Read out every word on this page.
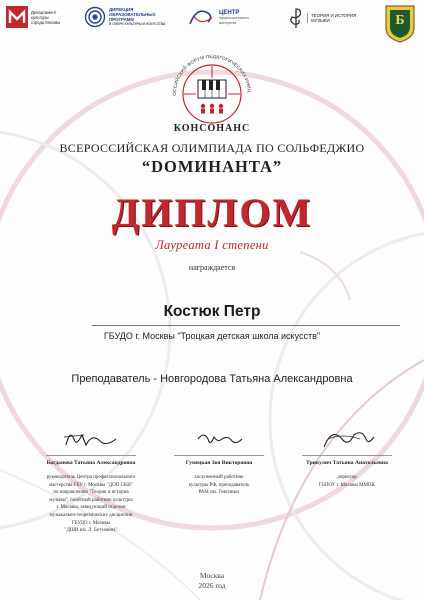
Департамент
культуры
города Москвы
ДИРЕКЦИЯ
ОБРАЗОВАТЕЛЬНЫХ
ПРОГРАММ
В СФЕРЕ КУЛЬТУРЫ И ИСКУССТВА
ЦЕНТР
профессионального
мастерства
ТЕОРИЯ И ИСТОРИЯ
МУЗЫКИ	Б
ОССИЙСКИЙ ФОРУМ ПЕДАГОГИЧЕСКИХ ИНИЦ
КОНСОНАНС
ВСЕРОССИЙСКАЯ ОЛИМПИАДА ПО СОЛЬФЕДЖИО
“DОМИНАНТА”
ДИПЛОМ
Лауреата I степени
награждается
Костюк Петр
ГБУДО г. Москвы "Троцкая детская школа искусств"
Преподаватель - Новгородова Татьяна Александровна
Богданова Татьяна Александровна
руководитель Центра профессионального
мастерства ГБУ г. Москвы "ДОП СКИ"
по направлению "Теория и история
музыки", почётный работник культуры
г. Москвы, заведующий отделом
музыкально-теоретических дисциплин
ГБУДО г. Москвы
"ДШИ им. Л. Бетховена"
Гумецкая Зоя Викторовна
заслуженный работник
культуры РФ, преподаватель
РАМ им. Гнесиных
Трикулич Татьяна Анатольевна
директор
ГБПОУ г. Москвы ММПК
Москва
2026 год
